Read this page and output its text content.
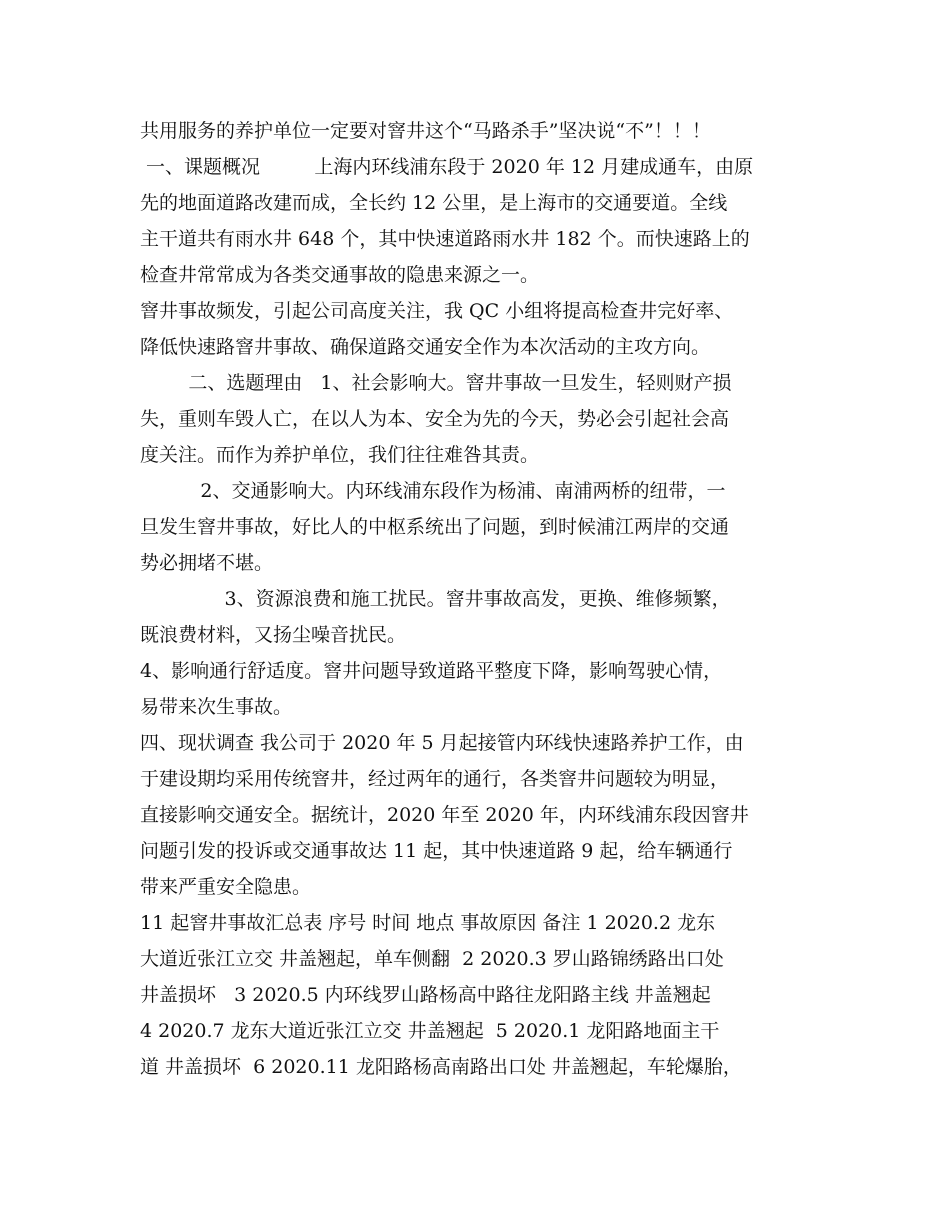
共用服务的养护单位一定要对窨井这个“马路杀手”坚决说“不”！！！
一、课题概况         上海内环线浦东段于 2020 年 12 月建成通车，由原
先的地面道路改建而成，全长约 12 公里，是上海市的交通要道。全线
主干道共有雨水井 648 个，其中快速道路雨水井 182 个。而快速路上的
检查井常常成为各类交通事故的隐患来源之一。
窨井事故频发，引起公司高度关注，我 QC 小组将提高检查井完好率、
降低快速路窨井事故、确保道路交通安全作为本次活动的主攻方向。
二、选题理由   1、社会影响大。窨井事故一旦发生，轻则财产损
失，重则车毁人亡，在以人为本、安全为先的今天，势必会引起社会高
度关注。而作为养护单位，我们往往难咎其责。
2、交通影响大。内环线浦东段作为杨浦、南浦两桥的纽带，一
旦发生窨井事故，好比人的中枢系统出了问题，到时候浦江两岸的交通
势必拥堵不堪。
3、资源浪费和施工扰民。窨井事故高发，更换、维修频繁，
既浪费材料，又扬尘噪音扰民。
4、影响通行舒适度。窨井问题导致道路平整度下降，影响驾驶心情，
易带来次生事故。
四、现状调查 我公司于 2020 年 5 月起接管内环线快速路养护工作，由
于建设期均采用传统窨井，经过两年的通行，各类窨井问题较为明显，
直接影响交通安全。据统计，2020 年至 2020 年，内环线浦东段因窨井
问题引发的投诉或交通事故达 11 起，其中快速道路 9 起，给车辆通行
带来严重安全隐患。
11 起窨井事故汇总表 序号 时间 地点 事故原因 备注 1 2020.2 龙东
大道近张江立交 井盖翘起，单车侧翻  2 2020.3 罗山路锦绣路出口处
井盖损坏   3 2020.5 内环线罗山路杨高中路往龙阳路主线 井盖翘起
4 2020.7 龙东大道近张江立交 井盖翘起  5 2020.1 龙阳路地面主干
道 井盖损坏  6 2020.11 龙阳路杨高南路出口处 井盖翘起，车轮爆胎，
